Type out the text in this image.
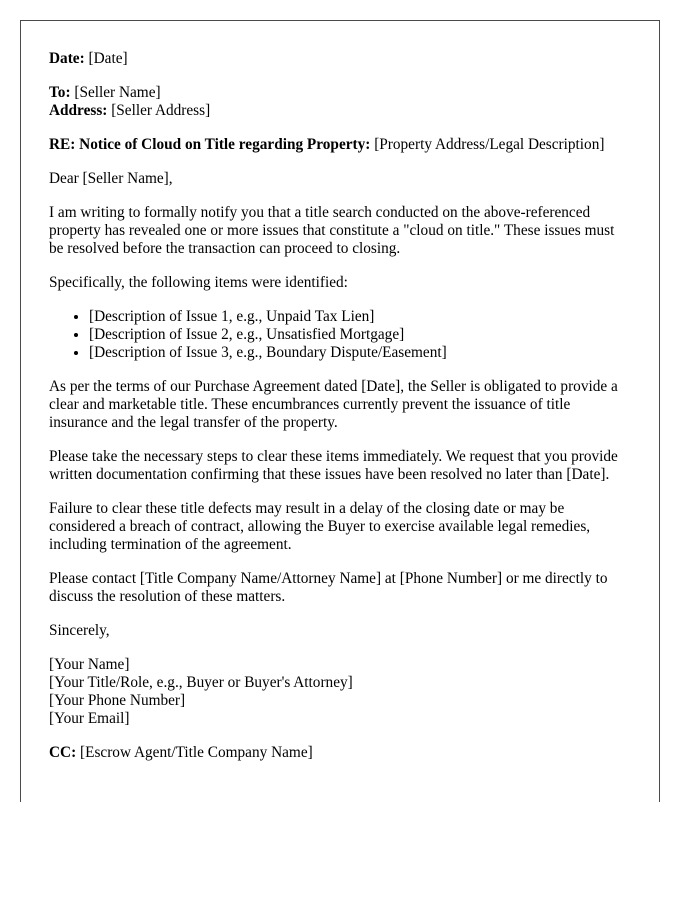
Date: [Date]

To: [Seller Name]

Address: [Seller Address]

RE: Notice of Cloud on Title regarding Property: [Property Address/Legal Description]

Dear [Seller Name],

I am writing to formally notify you that a title search conducted on the above-referenced property has revealed one or more issues that constitute a "cloud on title." These issues must be resolved before the transaction can proceed to closing.

Specifically, the following items were identified:

• [Description of Issue 1, e.g., Unpaid Tax Lien]
• [Description of Issue 2, e.g., Unsatisfied Mortgage]
• [Description of Issue 3, e.g., Boundary Dispute/Easement]

As per the terms of our Purchase Agreement dated [Date], the Seller is obligated to provide a clear and marketable title. These encumbrances currently prevent the issuance of title insurance and the legal transfer of the property.

Please take the necessary steps to clear these items immediately. We request that you provide written documentation confirming that these issues have been resolved no later than [Date].

Failure to clear these title defects may result in a delay of the closing date or may be considered a breach of contract, allowing the Buyer to exercise available legal remedies, including termination of the agreement.

Please contact [Title Company Name/Attorney Name] at [Phone Number] or me directly to discuss the resolution of these matters.

Sincerely,

[Your Name]

[Your Title/Role, e.g., Buyer or Buyer's Attorney]

[Your Phone Number]

[Your Email]

CC: [Escrow Agent/Title Company Name]
